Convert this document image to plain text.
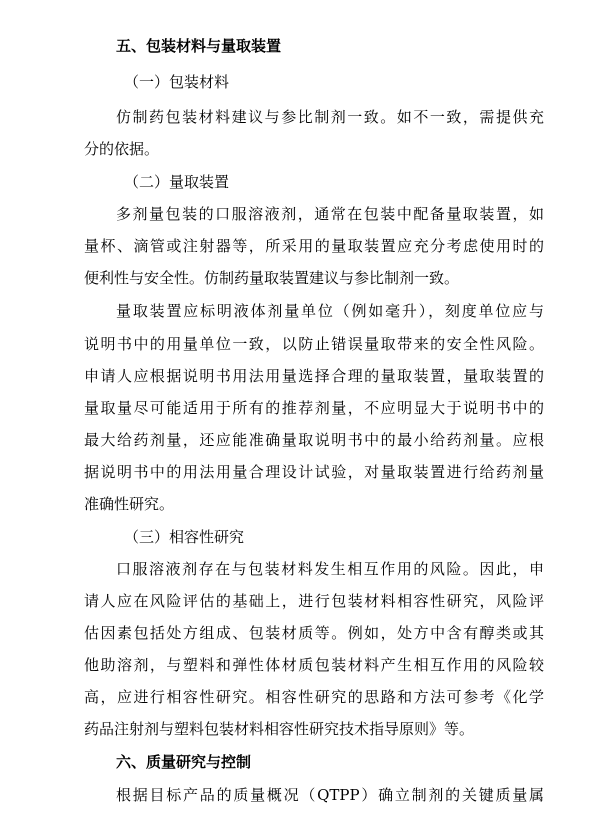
五、包装材料与量取装置
（一）包装材料
仿制药包装材料建议与参比制剂一致。如不一致，需提供充
分的依据。
（二）量取装置
多剂量包装的口服溶液剂，通常在包装中配备量取装置，如
量杯、滴管或注射器等，所采用的量取装置应充分考虑使用时的
便利性与安全性。仿制药量取装置建议与参比制剂一致。
量取装置应标明液体剂量单位（例如毫升），刻度单位应与
说明书中的用量单位一致，以防止错误量取带来的安全性风险。
申请人应根据说明书用法用量选择合理的量取装置，量取装置的
量取量尽可能适用于所有的推荐剂量，不应明显大于说明书中的
最大给药剂量，还应能准确量取说明书中的最小给药剂量。应根
据说明书中的用法用量合理设计试验，对量取装置进行给药剂量
准确性研究。
（三）相容性研究
口服溶液剂存在与包装材料发生相互作用的风险。因此，申
请人应在风险评估的基础上，进行包装材料相容性研究，风险评
估因素包括处方组成、包装材质等。例如，处方中含有醇类或其
他助溶剂，与塑料和弹性体材质包装材料产生相互作用的风险较
高，应进行相容性研究。相容性研究的思路和方法可参考《化学
药品注射剂与塑料包装材料相容性研究技术指导原则》等。
六、质量研究与控制
根据目标产品的质量概况（QTPP）确立制剂的关键质量属
